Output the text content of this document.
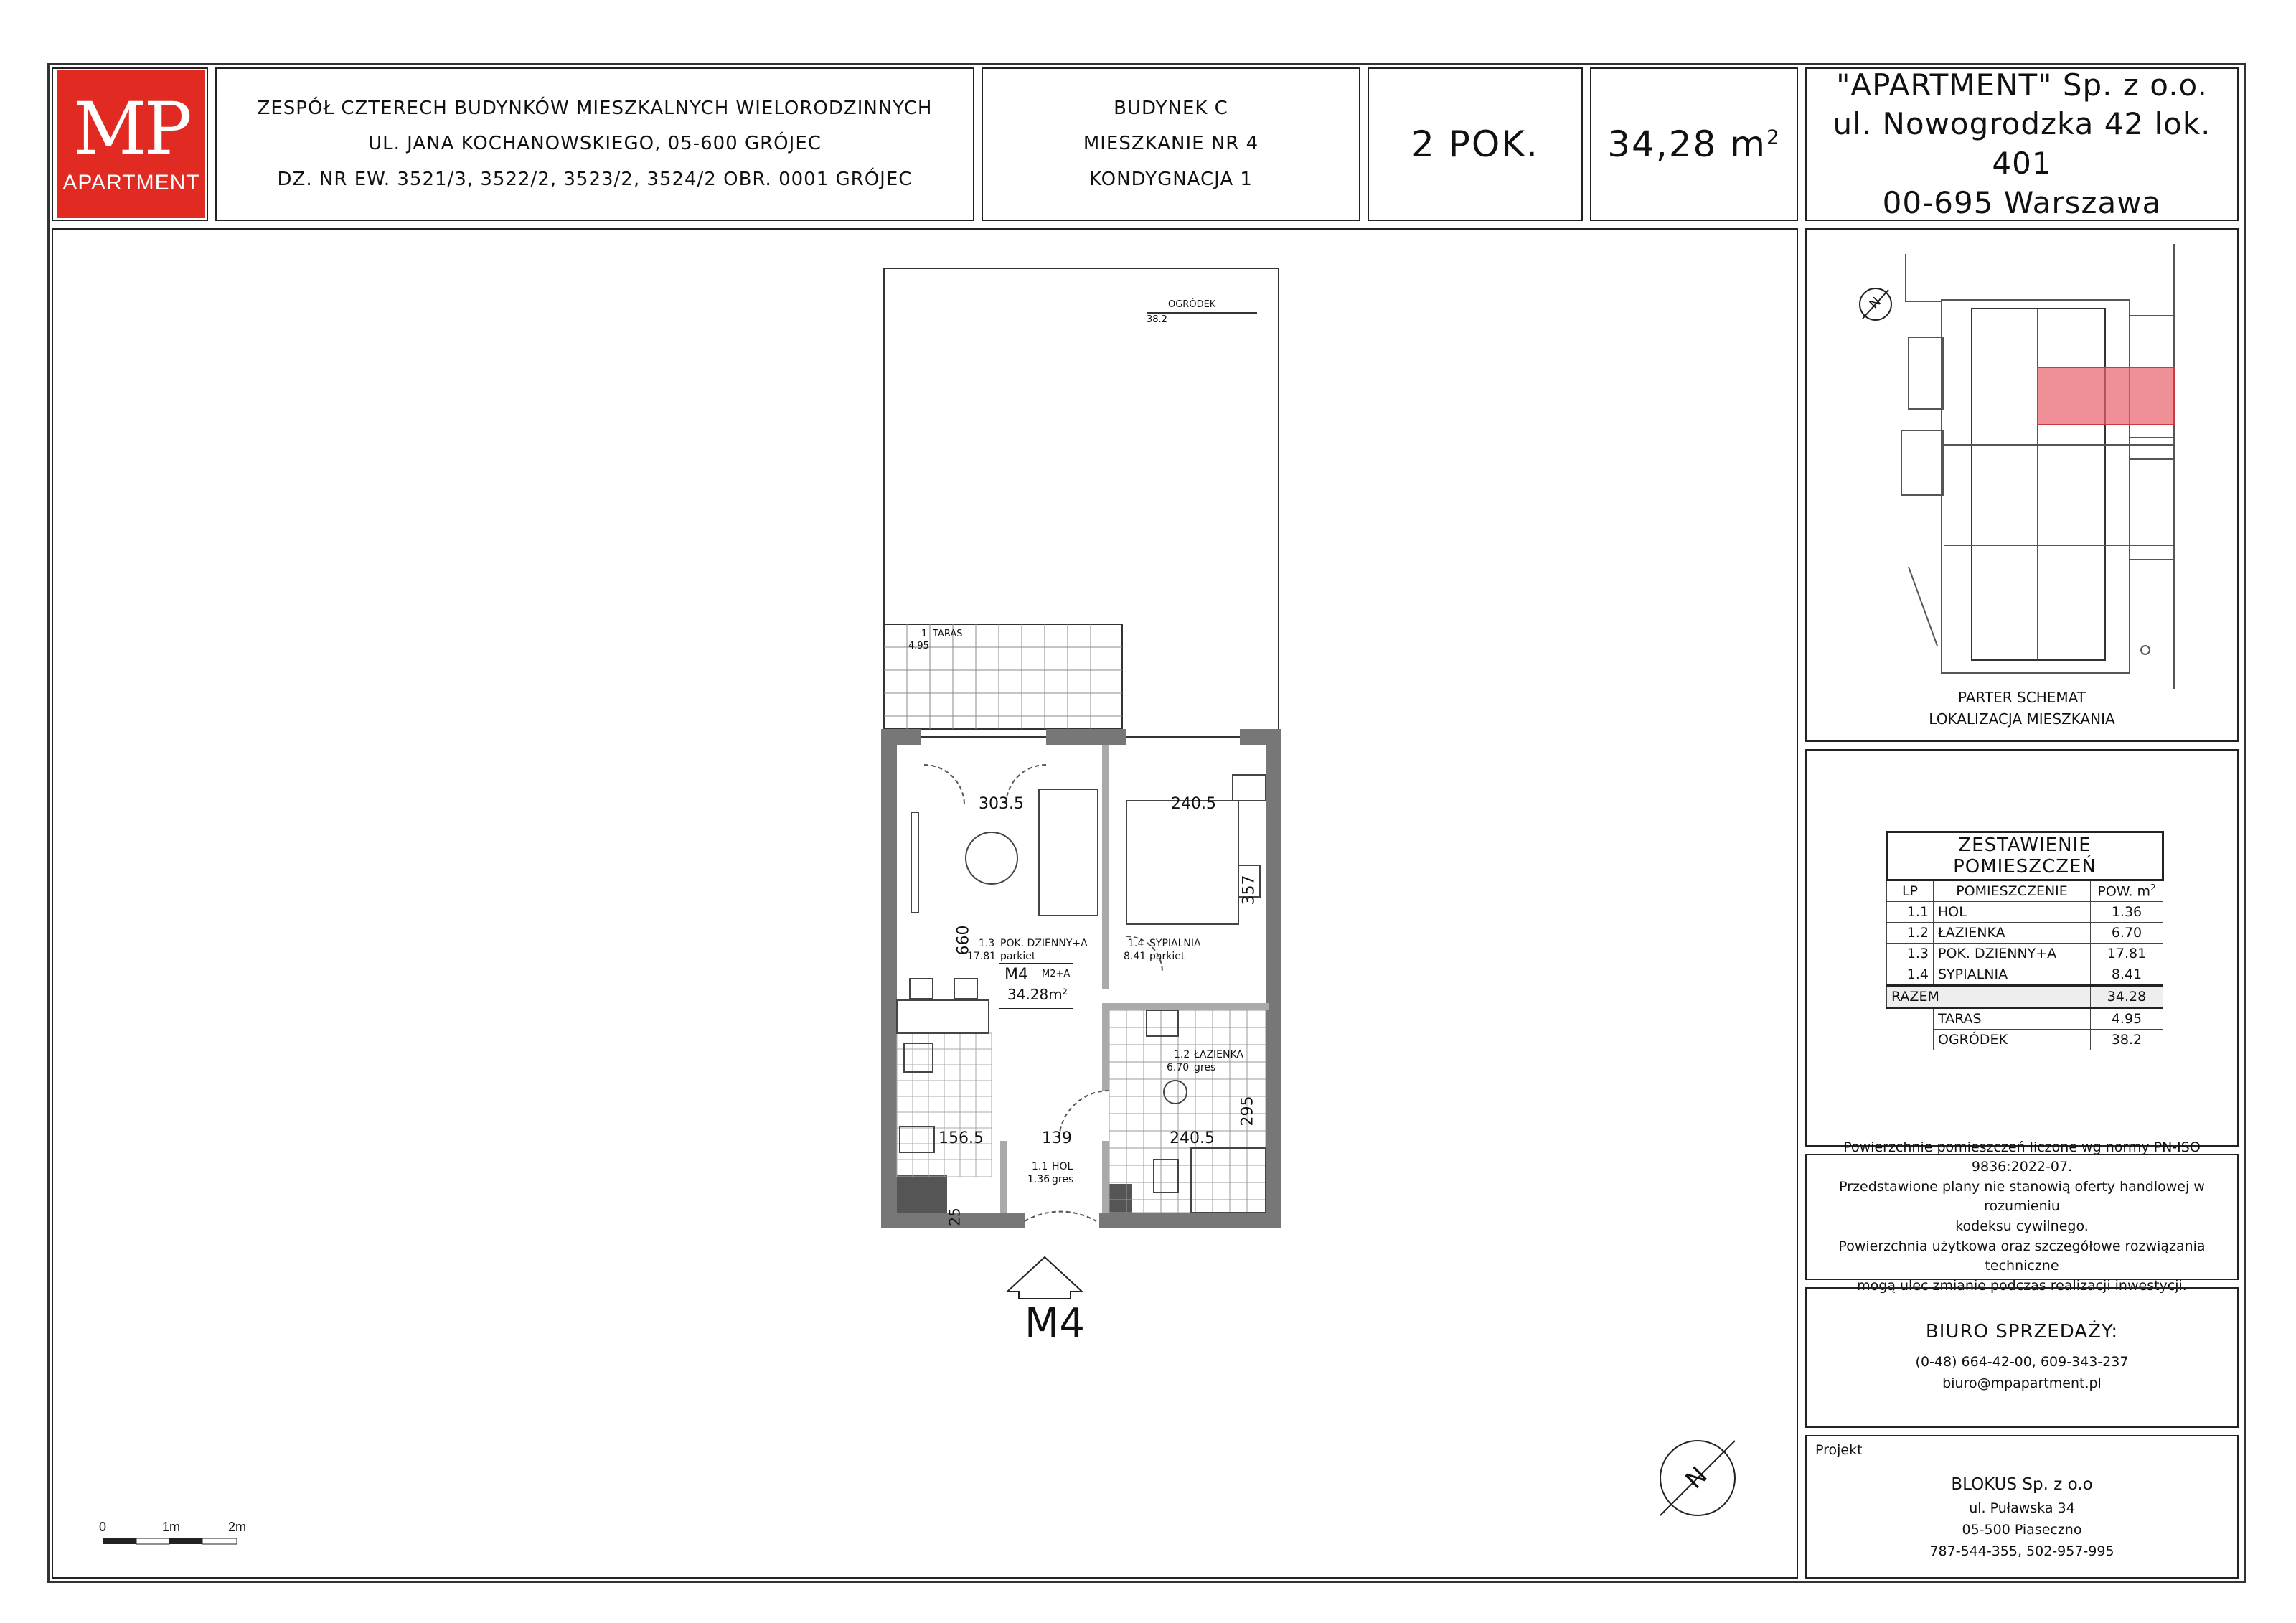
MP
APARTMENT
ZESPÓŁ CZTERECH BUDYNKÓW MIESZKALNYCH WIELORODZINNYCH
UL. JANA KOCHANOWSKIEGO, 05-600 GRÓJEC
DZ. NR EW. 3521/3, 3522/2, 3523/2, 3524/2 OBR. 0001 GRÓJEC
BUDYNEK C
MIESZKANIE NR 4
KONDYGNACJA 1
2 POK. 34,28 $m^2$
"APARTMENT" Sp. z o.o.
ul. Nowogrodzka 42 lok. 401
00-695 Warszawa
Powierzchnie pomieszczeń liczone wg normy PN-ISO 9836:2022-07.
Przedstawione plany nie stanowią oferty handlowej w rozumieniu
kodeksu cywilnego.
Powierzchnia użytkowa oraz szczegółowe rozwiązania techniczne
mogą ulec zmianie podczas realizacji inwestycji.
BIURO SPRZEDAŻY:
(0-48) 664-42-00, 609-343-237
biuro@mpapartment.pl
Projekt
BLOKUS Sp. z o.o
ul. Puławska 34
05-500 Piaseczno
787-544-355, 502-957-995
ZESTAWIENIE POMIESZCZEŃ		
LP	POMIESZCZENIE	POW. $m^2$
1.1	HOL	1.36
1.2	ŁAZIENKA	6.70
1.3	POK. DZIENNY+A	17.81
1.4	SYPIALNIA	8.41
RAZEM		34.28
	TARAS	4.95
	OGRÓDEK	38.2
OGRÓDEK
38.2
1 TARAS
4.95
303.5	240.5
357
660
156.5	139	240.5
295
25
1.3 POK. DZIENNY+A
17.81 parkiet
1.4 SYPIALNIA
8.41 parkiet
1.2 ŁAZIENKA
6.70 gres
1.1 HOL
1.36 gres
M4 M2+A
$34.28m^2$
M4
0	1m	2m
N
N
PARTER SCHEMAT
LOKALIZACJA MIESZKANIA
